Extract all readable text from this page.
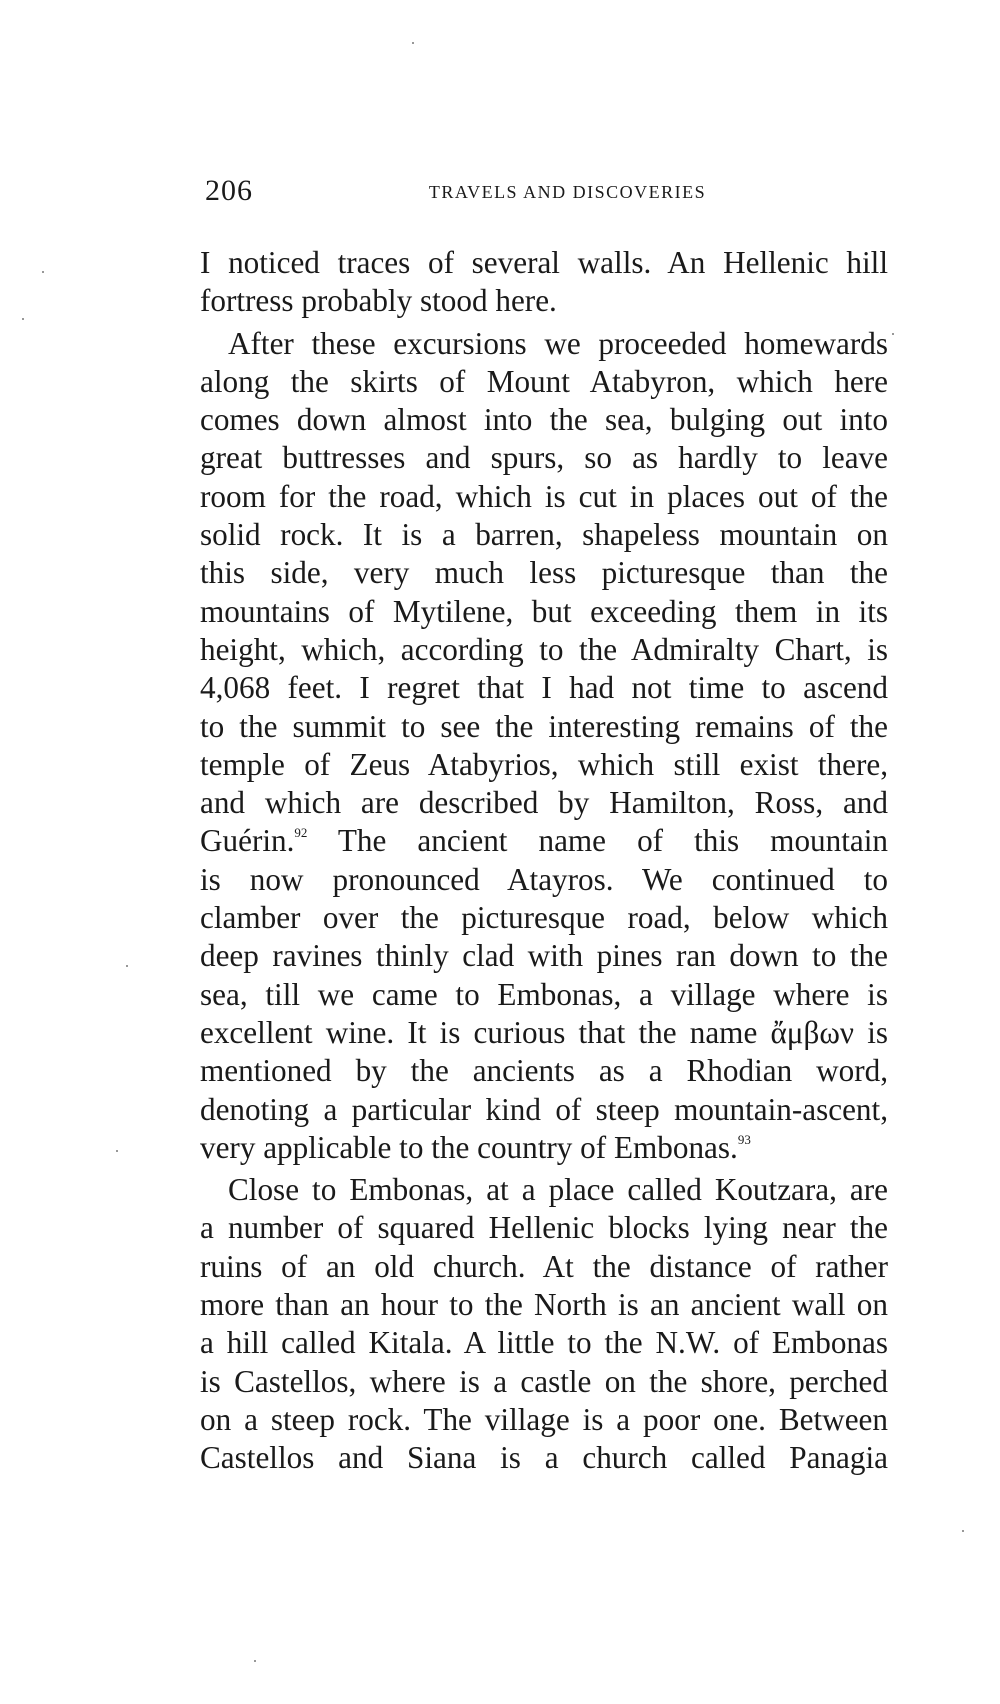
206	TRAVELS AND DISCOVERIES
I noticed traces of several walls. An Hellenic hill
fortress probably stood here.
After these excursions we proceeded homewards
along the skirts of Mount Atabyron, which here
comes down almost into the sea, bulging out into
great buttresses and spurs, so as hardly to leave
room for the road, which is cut in places out of the
solid rock. It is a barren, shapeless mountain on
this side, very much less picturesque than the
mountains of Mytilene, but exceeding them in its
height, which, according to the Admiralty Chart, is
4,068 feet. I regret that I had not time to ascend
to the summit to see the interesting remains of the
temple of Zeus Atabyrios, which still exist there,
and which are described by Hamilton, Ross, and
Guérin.$^{92}$ The ancient name of this mountain
is now pronounced Atayros. We continued to
clamber over the picturesque road, below which
deep ravines thinly clad with pines ran down to the
sea, till we came to Embonas, a village where is
excellent wine. It is curious that the name ἄμβων is
mentioned by the ancients as a Rhodian word,
denoting a particular kind of steep mountain-ascent,
very applicable to the country of Embonas.$^{93}$
Close to Embonas, at a place called Koutzara, are
a number of squared Hellenic blocks lying near the
ruins of an old church. At the distance of rather
more than an hour to the North is an ancient wall on
a hill called Kitala. A little to the N.W. of Embonas
is Castellos, where is a castle on the shore, perched
on a steep rock. The village is a poor one. Between
Castellos and Siana is a church called Panagia
